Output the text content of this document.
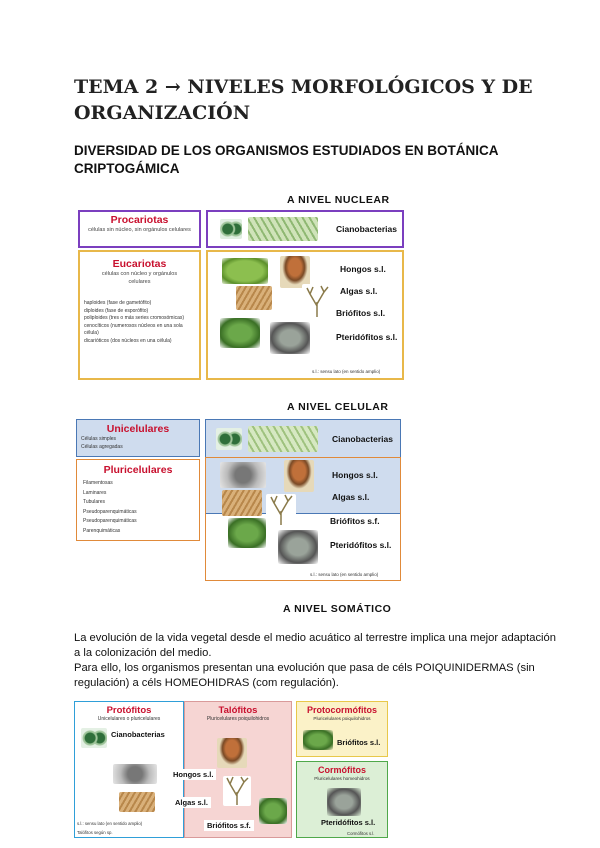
TEMA 2 → NIVELES MORFOLÓGICOS Y DE ORGANIZACIÓN
DIVERSIDAD DE LOS ORGANISMOS ESTUDIADOS EN BOTÁNICA CRIPTOGÁMICA
A NIVEL NUCLEAR
Procariotas
células sin núcleo, sin orgánulos celulares
Eucariotas
células con núcleo y orgánulos celulares
haploides (fase de gametófito)
diploides (fase de esporófito)
poliploides (tres o más series cromosómicas)
cenocíticos (numerosos núcleos en una sola célula)
dicarióticos (dos núcleos en una célula)
Cianobacterias
Hongos s.l.
Algas s.l.
Briófitos s.l.
Pteridófitos s.l.
s.l.: sensu lato (en sentido amplio)
A NIVEL CELULAR
Unicelulares
Células simples
Células agregadas
Pluricelulares
Filamentosas
Laminares
Tubulares
Pseudoparenquimáticas
Pseudoparenquimáticas
Parenquimáticas
Cianobacterias
Hongos s.l.
Algas s.l.
Briófitos s.f.
Pteridófitos s.l.
s.l.: sensu lato (en sentido amplio)
A NIVEL SOMÁTICO
La evolución de la vida vegetal desde el medio acuático al terrestre implica una mejor adaptación a la colonización del medio.
Para ello, los organismos presentan una evolución que pasa de céls POIQUINIDERMAS (sin regulación) a céls HOMEOHIDRAS (com regulación).
Protófitos
Unicelulares o pluricelulares
Cianobacterias
s.l.: sensu lato (en sentido amplio)
Talófitos según sp.
Talófitos
Pluricelulares poiquilohidros
Hongos s.l.
Algas s.l.
Briófitos s.f.
Protocormófitos
Pluricelulares poiquilohidros
Briófitos s.l.
Cormófitos
Pluricelulares homeohidros
Pteridófitos s.l.
Cormófitos s.l.
